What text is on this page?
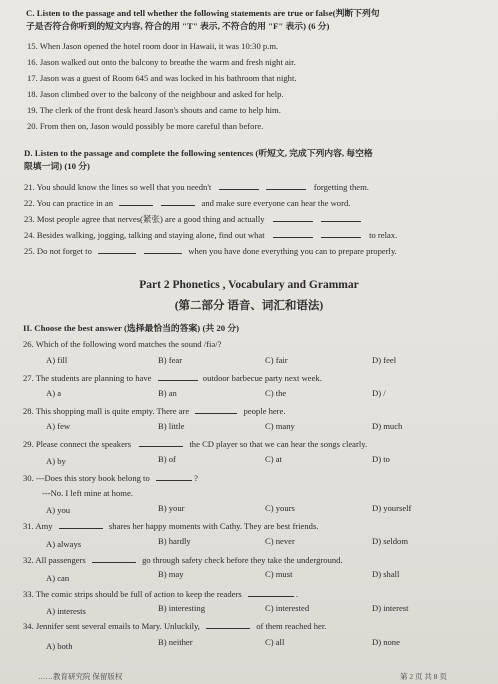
C. Listen to the passage and tell whether the following statements are true or false(判断下列句
子是否符合你听到的短文内容, 符合的用 "T" 表示, 不符合的用 "F" 表示) (6 分)
15. When Jason opened the hotel room door in Hawaii, it was 10:30 p.m.
16. Jason walked out onto the balcony to breathe the warm and fresh night air.
17. Jason was a guest of Room 645 and was locked in his bathroom that night.
18. Jason climbed over to the balcony of the neighbour and asked for help.
19. The clerk of the front desk heard Jason's shouts and came to help him.
20. From then on, Jason would possibly be more careful than before.
D. Listen to the passage and complete the following sentences (听短文, 完成下列内容, 每空格
限填一词) (10 分)
21. You should know the lines so well that you needn't	forgetting them.
22. You can practice in an	and make sure everyone can hear the word.
23. Most people agree that nerves(紧张) are a good thing and actually
24. Besides walking, jogging, talking and staying alone, find out what	to relax.
25. Do not forget to	when you have done everything you can to prepare properly.
Part 2 Phonetics , Vocabulary and Grammar
(第二部分 语音、词汇和语法)
II. Choose the best answer (选择最恰当的答案) (共 20 分)
26. Which of the following word matches the sound /fiə/?
A) fill	B) fear	C) fair	D) feel
27. The students are planning to have	outdoor barbecue party next week.
A) a	B) an	C) the	D) /
28. This shopping mall is quite empty. There are	people here.
A) few	B) little	C) many	D) much
29. Please connect the speakers	the CD player so that we can hear the songs clearly.
A) by	B) of	C) at	D) to
30. ---Does this story book belong to	?
---No. I left mine at home.
A) you	B) your	C) yours	D) yourself
31. Amy	shares her happy moments with Cathy. They are best friends.
A) always	B) hardly	C) never	D) seldom
32. All passengers	go through safety check before they take the underground.
A) can	B) may	C) must	D) shall
33. The comic strips should be full of action to keep the readers	.
A) interests	B) interesting	C) interested	D) interest
34. Jennifer sent several emails to Mary. Unluckily,	of them reached her.
A) both	B) neither	C) all	D) none
……教育研究院 保留版权	第 2 页 共 8 页
